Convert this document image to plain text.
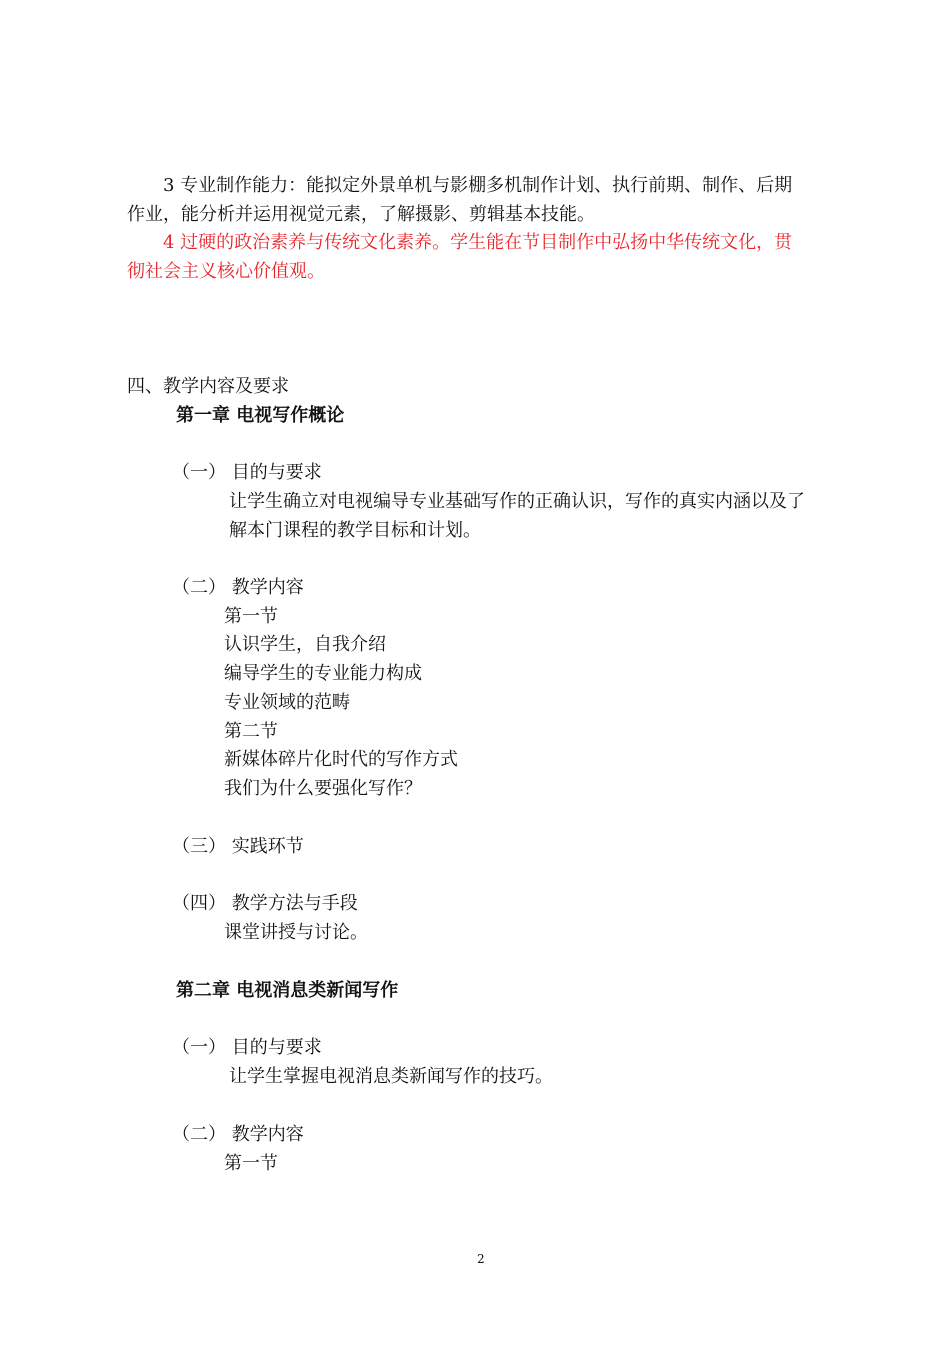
3 专业制作能力：能拟定外景单机与影棚多机制作计划、执行前期、制作、后期
作业，能分析并运用视觉元素，了解摄影、剪辑基本技能。
4 过硬的政治素养与传统文化素养。学生能在节目制作中弘扬中华传统文化，贯
彻社会主义核心价值观。
四、教学内容及要求
第一章 电视写作概论
（一） 目的与要求
让学生确立对电视编导专业基础写作的正确认识，写作的真实内涵以及了
解本门课程的教学目标和计划。
（二） 教学内容
第一节
认识学生，自我介绍
编导学生的专业能力构成
专业领域的范畴
第二节
新媒体碎片化时代的写作方式
我们为什么要强化写作？
（三） 实践环节
（四） 教学方法与手段
课堂讲授与讨论。
第二章 电视消息类新闻写作
（一） 目的与要求
让学生掌握电视消息类新闻写作的技巧。
（二） 教学内容
第一节
2
